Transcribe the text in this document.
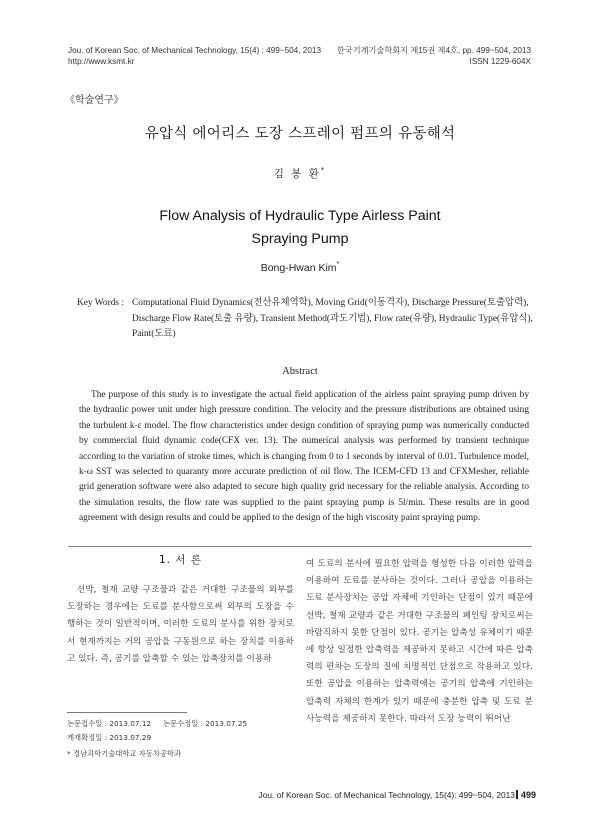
Jou. of Korean Soc. of Mechanical Technology, 15(4) : 499~504, 2013
http://www.ksmt.kr
한국기계기술학회지 제15권 제4호, pp. 499~504, 2013
ISSN 1229-604X
《학술연구》
유압식 에어리스 도장 스프레이 펌프의 유동해석
김 봉 환*
Flow Analysis of Hydraulic Type Airless Paint
Spraying Pump
Bong-Hwan Kim*
Key Words : Computational Fluid Dynamics(전산유체역학), Moving Grid(이동격자), Discharge Pressure(토출압력), Discharge Flow Rate(토출 유량), Transient Method(과도기법), Flow rate(유량), Hydraulic Type(유압식), Paint(도료)
Abstract
The purpose of this study is to investigate the actual field application of the airless paint spraying pump driven by the hydraulic power unit under high pressure condition. The velocity and the pressure distributions are obtained using the turbulent k-ε model. The flow characteristics under design condition of spraying pump was numerically conducted by commercial fluid dynamic code(CFX ver. 13). The numerical analysis was performed by transient technique according to the variation of stroke times, which is changing from 0 to 1 seconds by interval of 0.01. Turbulence model, k-ω SST was selected to quaranty more accurate prediction of oil flow. The ICEM-CFD 13 and CFXMesher, reliable grid generation software were also adapted to secure high quality grid necessary for the reliable analysis. According to the simulation results, the flow rate was supplied to the paint spraying pump is 5l/min. These results are in good agreement with design results and could be applied to the design of the high viscosity paint spraying pump.
1. 서 론
선박, 철재 교량 구조물과 같은 거대한 구조물의 외부를 도장하는 경우에는 도료를 분사함으로써 외부의 도장을 수행하는 것이 일반적이며, 이러한 도료의 분사를 위한 장치로서 현재까지는 거의 공압을 구동원으로 하는 장치를 이용하고 있다. 즉, 공기를 압축할 수 있는 압축장치를 이용하
여 도료의 분사에 필요한 압력을 형성한 다음 이러한 압력을 이용하여 도료를 분사하는 것이다. 그러나 공압을 이용하는 도료 분사장치는 공압 자체에 기인하는 단점이 있기 때문에 선박, 철재 교량과 같은 거대한 구조물의 페인팅 장치로써는 바람직하지 못한 단점이 있다. 공기는 압축성 유체이기 때문에 항상 일정한 압축력을 제공하지 못하고 시간에 따른 압축력의 편차는 도장의 질에 치명적인 단점으로 작용하고 있다. 또한 공압을 이용하는 압축력에는 공기의 압축에 기인하는 압축력 자체의 한계가 있기 때문에 충분한 압축 및 도료 분사능력을 제공하지 못한다. 따라서 도장 능력이 뛰어난
논문접수일 : 2013.07.12 논문수정일 : 2013.07.25
게재확정일 : 2013.07.29
* 경남과학기술대학교 자동차공학과
Jou. of Korean Soc. of Mechanical Technology, 15(4): 499~504, 2013 499
